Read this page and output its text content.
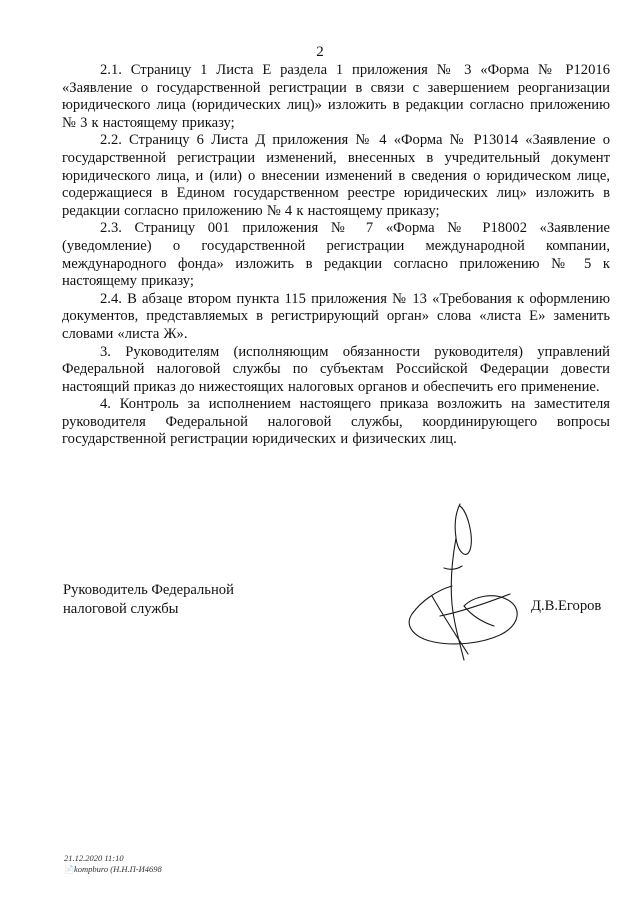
2

2.1. Страницу 1 Листа Е раздела 1 приложения № 3 «Форма № Р12016 «Заявление о государственной регистрации в связи с завершением реорганизации юридического лица (юридических лиц)» изложить в редакции согласно приложению № 3 к настоящему приказу;

2.2. Страницу 6 Листа Д приложения № 4 «Форма № Р13014 «Заявление о государственной регистрации изменений, внесенных в учредительный документ юридического лица, и (или) о внесении изменений в сведения о юридическом лице, содержащиеся в Едином государственном реестре юридических лиц» изложить в редакции согласно приложению № 4 к настоящему приказу;

2.3. Страницу 001 приложения № 7 «Форма № Р18002 «Заявление (уведомление) о государственной регистрации международной компании, международного фонда» изложить в редакции согласно приложению № 5 к настоящему приказу;

2.4. В абзаце втором пункта 115 приложения № 13 «Требования к оформлению документов, представляемых в регистрирующий орган» слова «листа Е» заменить словами «листа Ж».

3. Руководителям (исполняющим обязанности руководителя) управлений Федеральной налоговой службы по субъектам Российской Федерации довести настоящий приказ до нижестоящих налоговых органов и обеспечить его применение.

4. Контроль за исполнением настоящего приказа возложить на заместителя руководителя Федеральной налоговой службы, координирующего вопросы государственной регистрации юридических и физических лиц.

Руководитель Федеральной
налоговой службы	Д.В.Егоров
21.12.2020 11:10
📄kompburo (Н.Н.П-И4698
